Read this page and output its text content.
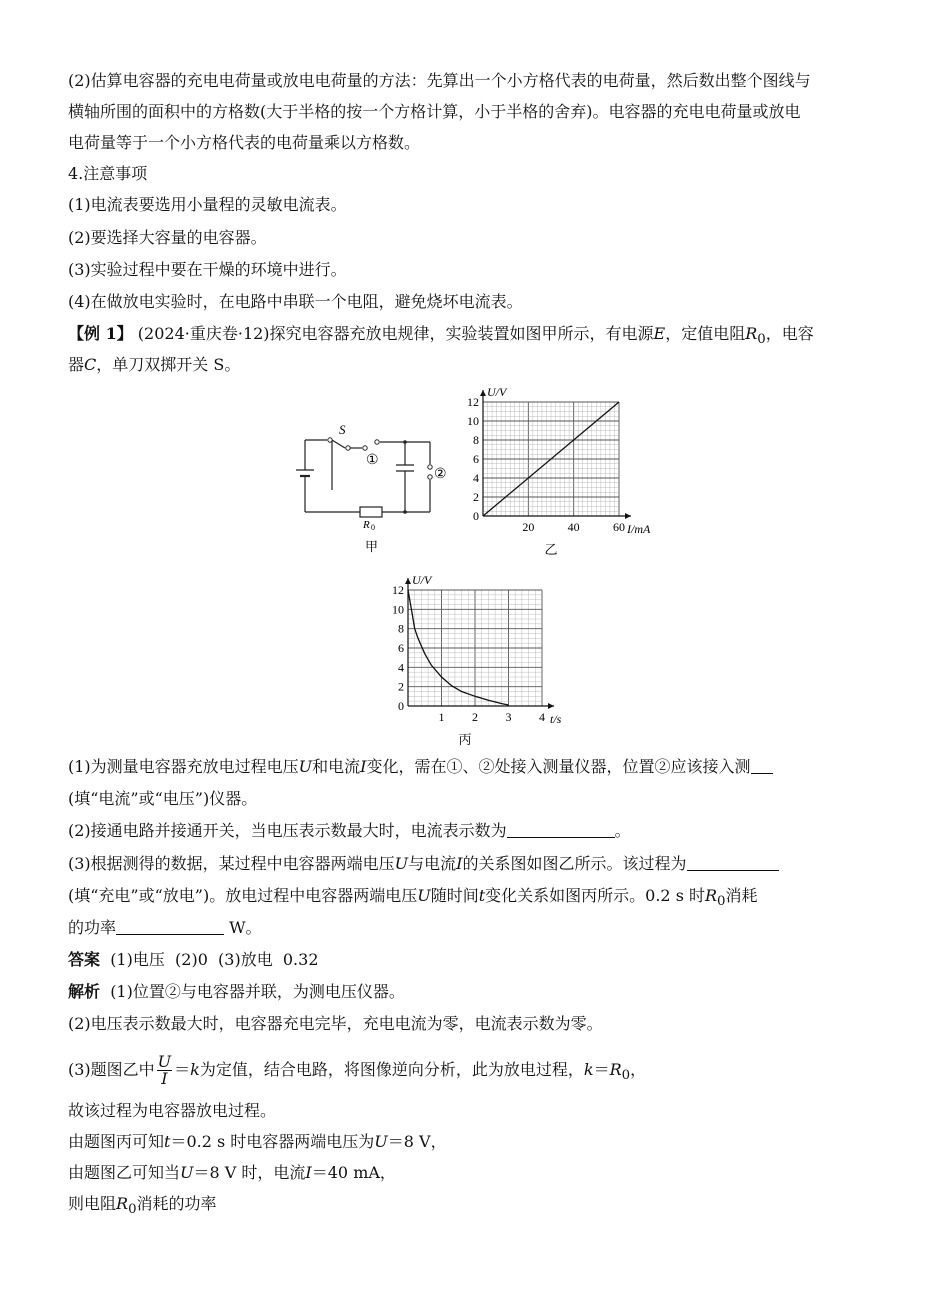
(2)估算电容器的充电电荷量或放电电荷量的方法：先算出一个小方格代表的电荷量，然后数出整个图线与
横轴所围的面积中的方格数(大于半格的按一个方格计算，小于半格的舍弃)。电容器的充电电荷量或放电
电荷量等于一个小方格代表的电荷量乘以方格数。
4.注意事项
(1)电流表要选用小量程的灵敏电流表。
(2)要选择大容量的电容器。
(3)实验过程中要在干燥的环境中进行。
(4)在做放电实验时，在电路中串联一个电阻，避免烧坏电流表。
【例 1】 (2024·重庆卷·12)探究电容器充放电规律，实验装置如图甲所示，有电源E，定值电阻$R_0$，电容
器C，单刀双掷开关 S。
S
①
②
R 0
甲
0
2
4
6
8
10
12
20	40	60
U/V
I/mA
乙
0
2
4
6
8
10
12
1 2 3 4
U/V
t/s
丙
(1)为测量电容器充放电过程电压U和电流I变化，需在①、②处接入测量仪器，位置②应该接入测
(填“电流”或“电压”)仪器。
(2)接通电路并接通开关，当电压表示数最大时，电流表示数为	。
(3)根据测得的数据，某过程中电容器两端电压U与电流I的关系图如图乙所示。该过程为
(填“充电”或“放电”)。放电过程中电容器两端电压U随时间t变化关系如图丙所示。0.2 s 时$R_0$消耗
的功率	W。
答案  (1)电压  (2)0  (3)放电  0.32
解析  (1)位置②与电容器并联，为测电压仪器。
(2)电压表示数最大时，电容器充电完毕，充电电流为零，电流表示数为零。
(3)题图乙中 $\frac{U}{I} =k$为定值，结合电路，将图像逆向分析，此为放电过程，$k=R_0$，
故该过程为电容器放电过程。
由题图丙可知t＝0.2 s 时电容器两端电压为U＝8 V，
由题图乙可知当U＝8 V 时，电流I＝40 mA，
则电阻$R_0$消耗的功率
